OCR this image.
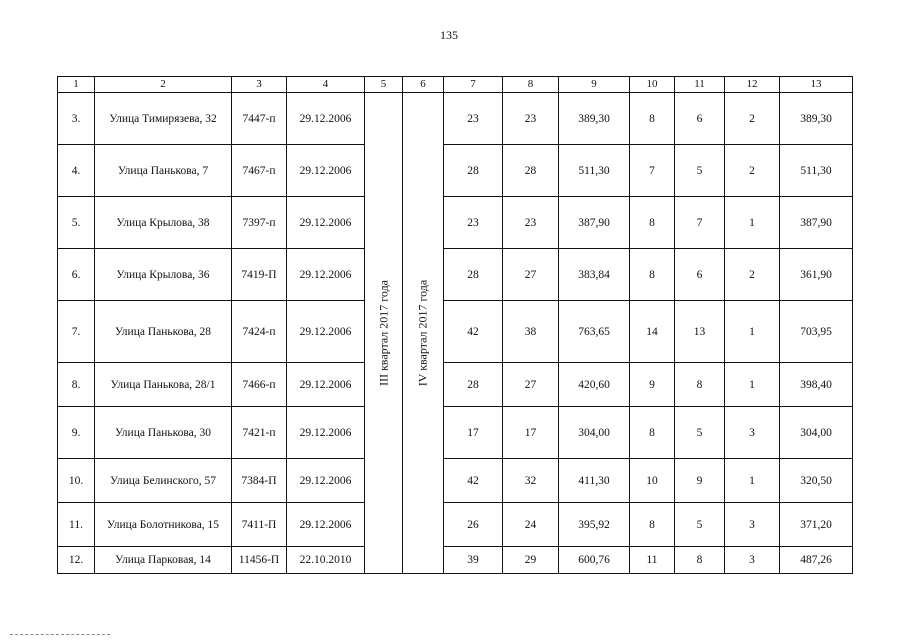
135
1	2	3	4	5	6	7	8	9	10	11	12	13
3.	Улица Тимирязева, 32	7447-п	29.12.2006	III квартал 2017 года	IV квартал 2017 года	23	23	389,30	8	6	2	389,30
4.	Улица Панькова, 7	7467-п	29.12.2006			28	28	511,30	7	5	2	511,30
5.	Улица Крылова, 38	7397-п	29.12.2006			23	23	387,90	8	7	1	387,90
6.	Улица Крылова, 36	7419-П	29.12.2006			28	27	383,84	8	6	2	361,90
7.	Улица Панькова, 28	7424-п	29.12.2006			42	38	763,65	14	13	1	703,95
8.	Улица Панькова, 28/1	7466-п	29.12.2006			28	27	420,60	9	8	1	398,40
9.	Улица Панькова, 30	7421-п	29.12.2006			17	17	304,00	8	5	3	304,00
10.	Улица Белинского, 57	7384-П	29.12.2006			42	32	411,30	10	9	1	320,50
11.	Улица Болотникова, 15	7411-П	29.12.2006			26	24	395,92	8	5	3	371,20
12.	Улица Парковая, 14	11456-П	22.10.2010			39	29	600,76	11	8	3	487,26
